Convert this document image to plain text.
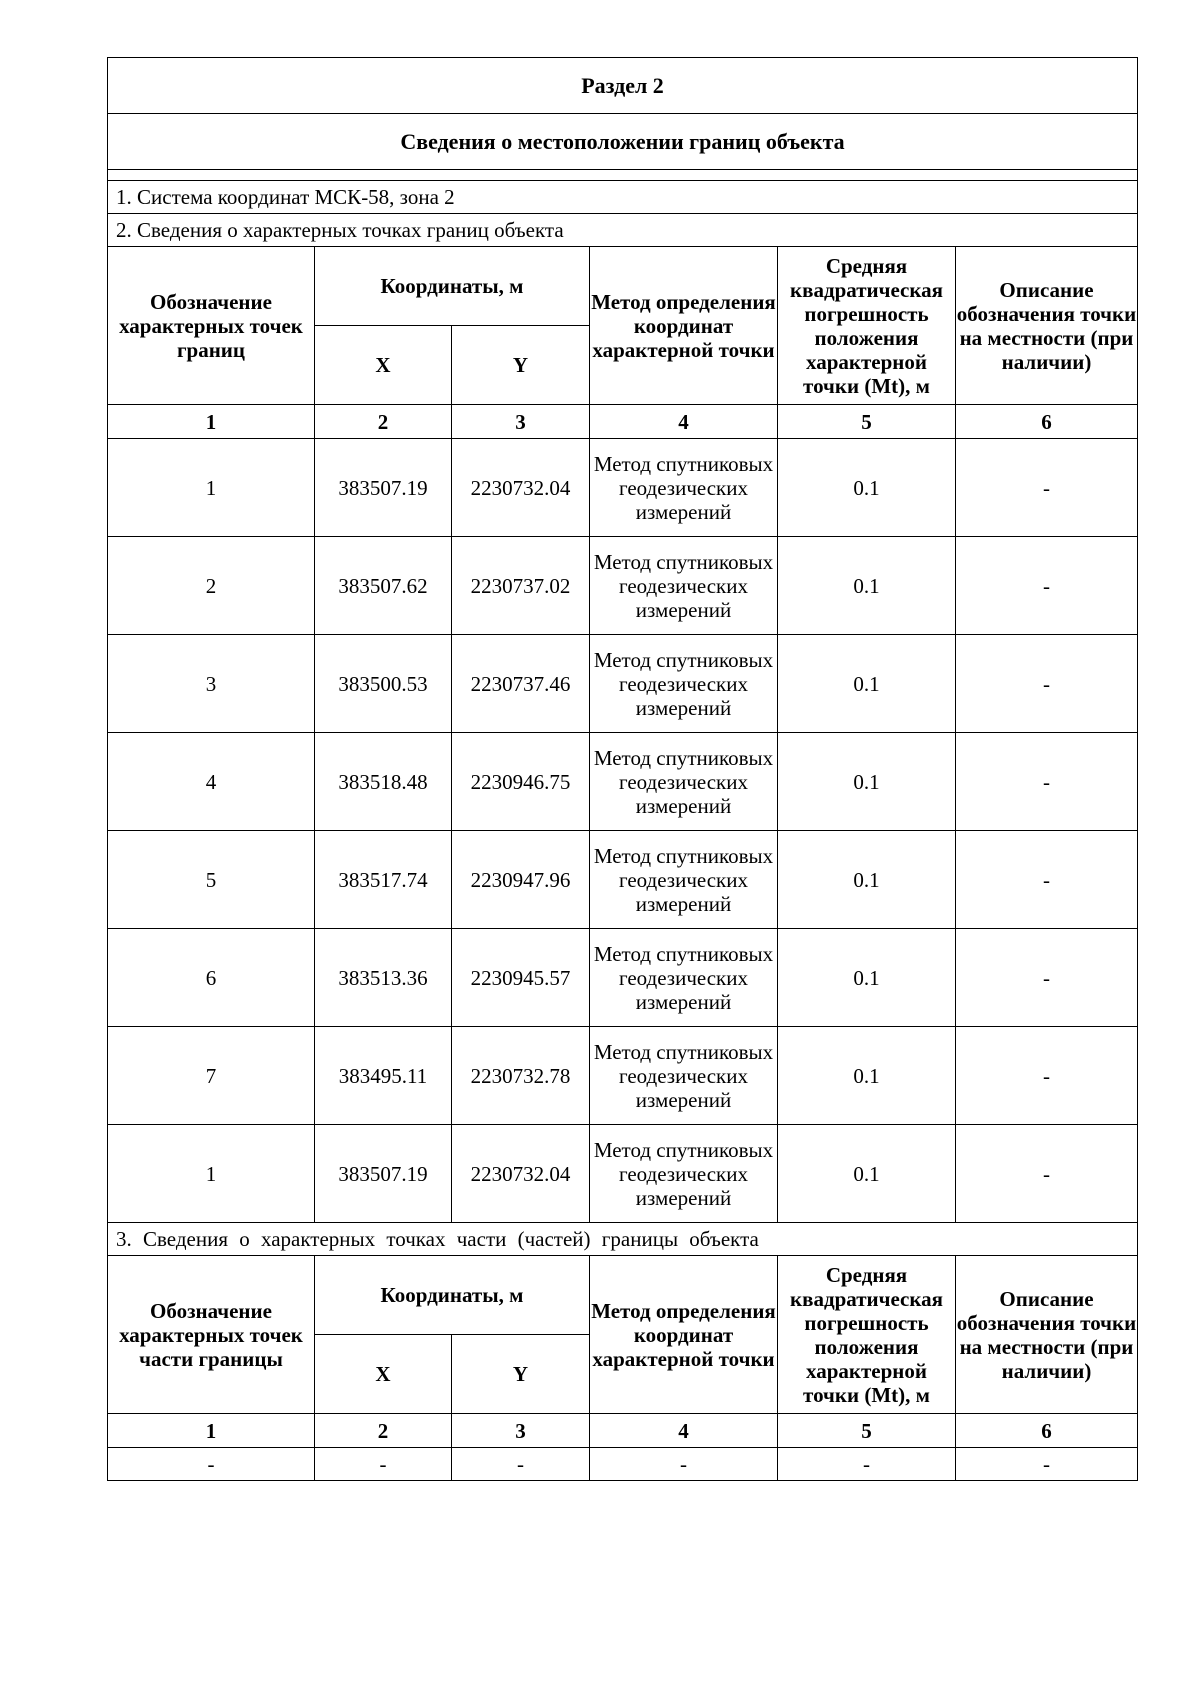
Раздел 2					
Сведения о местоположении границ объекта					

1. Система координат МСК-58, зона 2					
2. Сведения о характерных точках границ объекта					
Обозначение характерных точек границ	Координаты, м		Метод определения координат характерной точки	Средняя квадратическая погрешность положения характерной точки (Mt), м	Описание обозначения точки на местности (при наличии)
	X	Y			
1	2	3	4	5	6
1	383507.19	2230732.04	Метод спутниковых геодезических измерений	0.1	-
2	383507.62	2230737.02	Метод спутниковых геодезических измерений	0.1	-
3	383500.53	2230737.46	Метод спутниковых геодезических измерений	0.1	-
4	383518.48	2230946.75	Метод спутниковых геодезических измерений	0.1	-
5	383517.74	2230947.96	Метод спутниковых геодезических измерений	0.1	-
6	383513.36	2230945.57	Метод спутниковых геодезических измерений	0.1	-
7	383495.11	2230732.78	Метод спутниковых геодезических измерений	0.1	-
1	383507.19	2230732.04	Метод спутниковых геодезических измерений	0.1	-
3. Сведения о характерных точках части (частей) границы объекта					
Обозначение характерных точек части границы	Координаты, м		Метод определения координат характерной точки	Средняя квадратическая погрешность положения характерной точки (Mt), м	Описание обозначения точки на местности (при наличии)
	X	Y			
1	2	3	4	5	6
-	-	-	-	-	-
